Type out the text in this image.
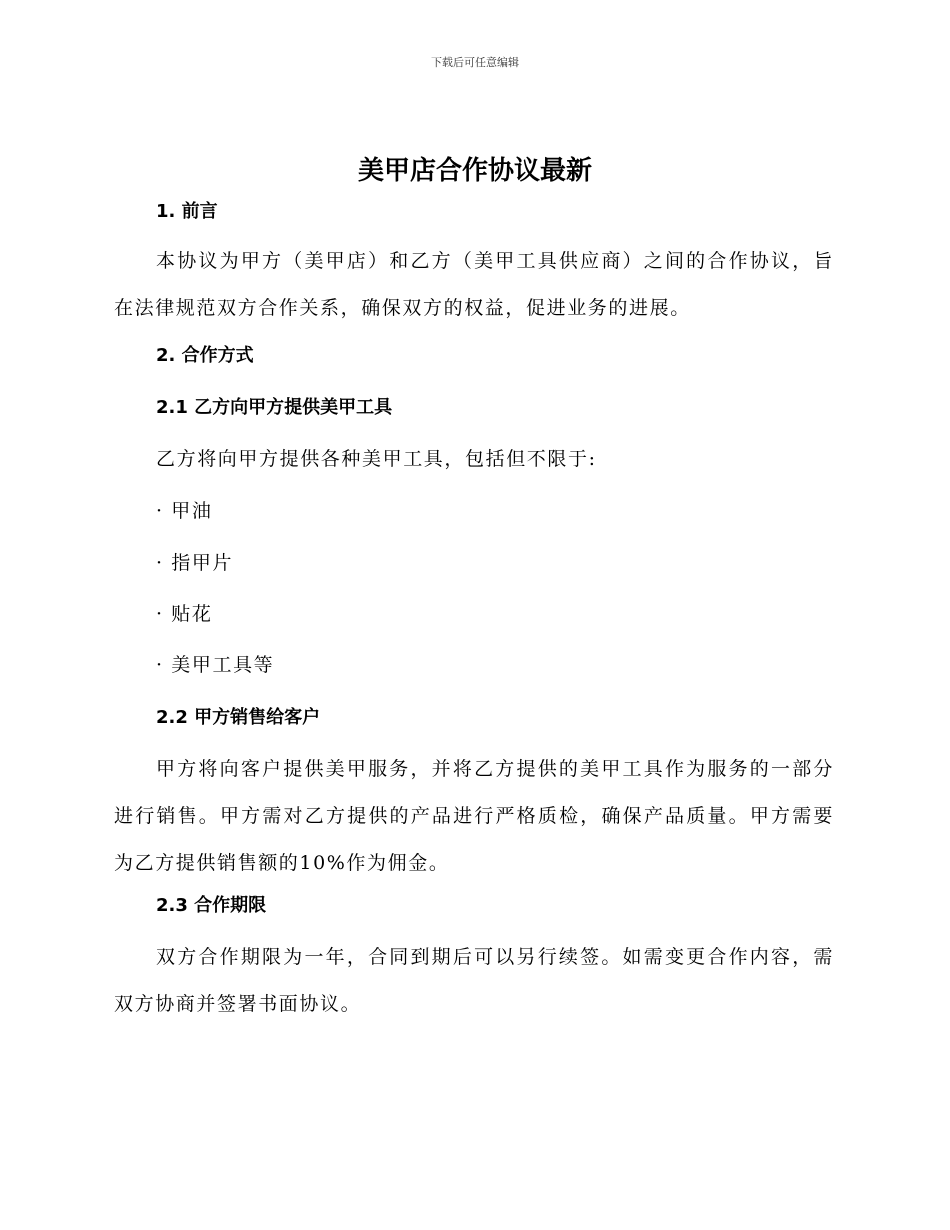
下载后可任意编辑
美甲店合作协议最新

1. 前言

本协议为甲方（美甲店）和乙方（美甲工具供应商）之间的合作协议，旨在法律规范双方合作关系，确保双方的权益，促进业务的进展。

2. 合作方式

2.1 乙方向甲方提供美甲工具

乙方将向甲方提供各种美甲工具，包括但不限于:

· 甲油

· 指甲片

· 贴花

· 美甲工具等

2.2 甲方销售给客户

甲方将向客户提供美甲服务，并将乙方提供的美甲工具作为服务的一部分进行销售。甲方需对乙方提供的产品进行严格质检，确保产品质量。甲方需要为乙方提供销售额的10%作为佣金。

2.3 合作期限

双方合作期限为一年，合同到期后可以另行续签。如需变更合作内容，需双方协商并签署书面协议。
